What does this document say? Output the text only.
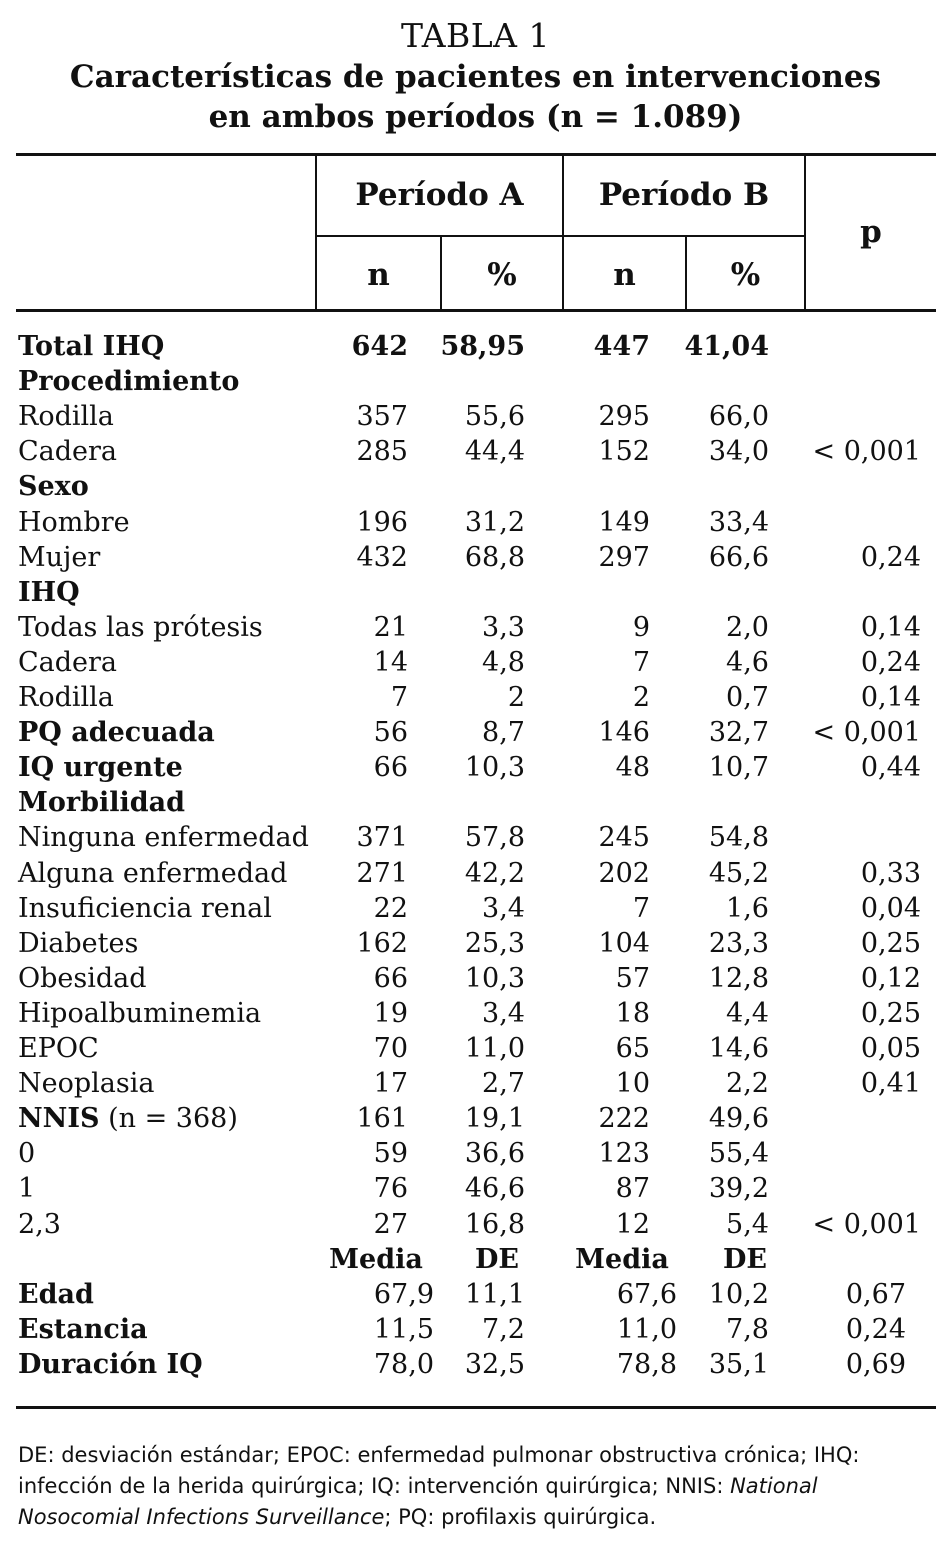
TABLA 1
Características de pacientes en intervenciones
en ambos períodos (n = 1.089)
Período A	Período B
p
n	%	n	%
Total IHQ	642	58,95	447	41,04
Procedimiento
Rodilla	357	55,6	295	66,0
Cadera	285	44,4	152	34,0	< 0,001
Sexo
Hombre	196	31,2	149	33,4
Mujer	432	68,8	297	66,6	0,24
IHQ
Todas las prótesis	21	3,3	9	2,0	0,14
Cadera	14	4,8	7	4,6	0,24
Rodilla	7	2	2	0,7	0,14
PQ adecuada	56	8,7	146	32,7	< 0,001
IQ urgente	66	10,3	48	10,7	0,44
Morbilidad
Ninguna enfermedad	371	57,8	245	54,8
Alguna enfermedad	271	42,2	202	45,2	0,33
Insuficiencia renal	22	3,4	7	1,6	0,04
Diabetes	162	25,3	104	23,3	0,25
Obesidad	66	10,3	57	12,8	0,12
Hipoalbuminemia	19	3,4	18	4,4	0,25
EPOC	70	11,0	65	14,6	0,05
Neoplasia	17	2,7	10	2,2	0,41
NNIS (n = 368)	161	19,1	222	49,6
0	59	36,6	123	55,4
1	76	46,6	87	39,2
2,3	27	16,8	12	5,4	< 0,001
Media	DE	Media	DE
Edad	67,9	11,1	67,6	10,2	0,67
Estancia	11,5	7,2	11,0	7,8	0,24
Duración IQ	78,0	32,5	78,8	35,1	0,69
DE: desviación estándar; EPOC: enfermedad pulmonar obstructiva crónica; IHQ: infección de la herida quirúrgica; IQ: intervención quirúrgica; NNIS: National Nosocomial Infections Surveillance; PQ: profilaxis quirúrgica.
